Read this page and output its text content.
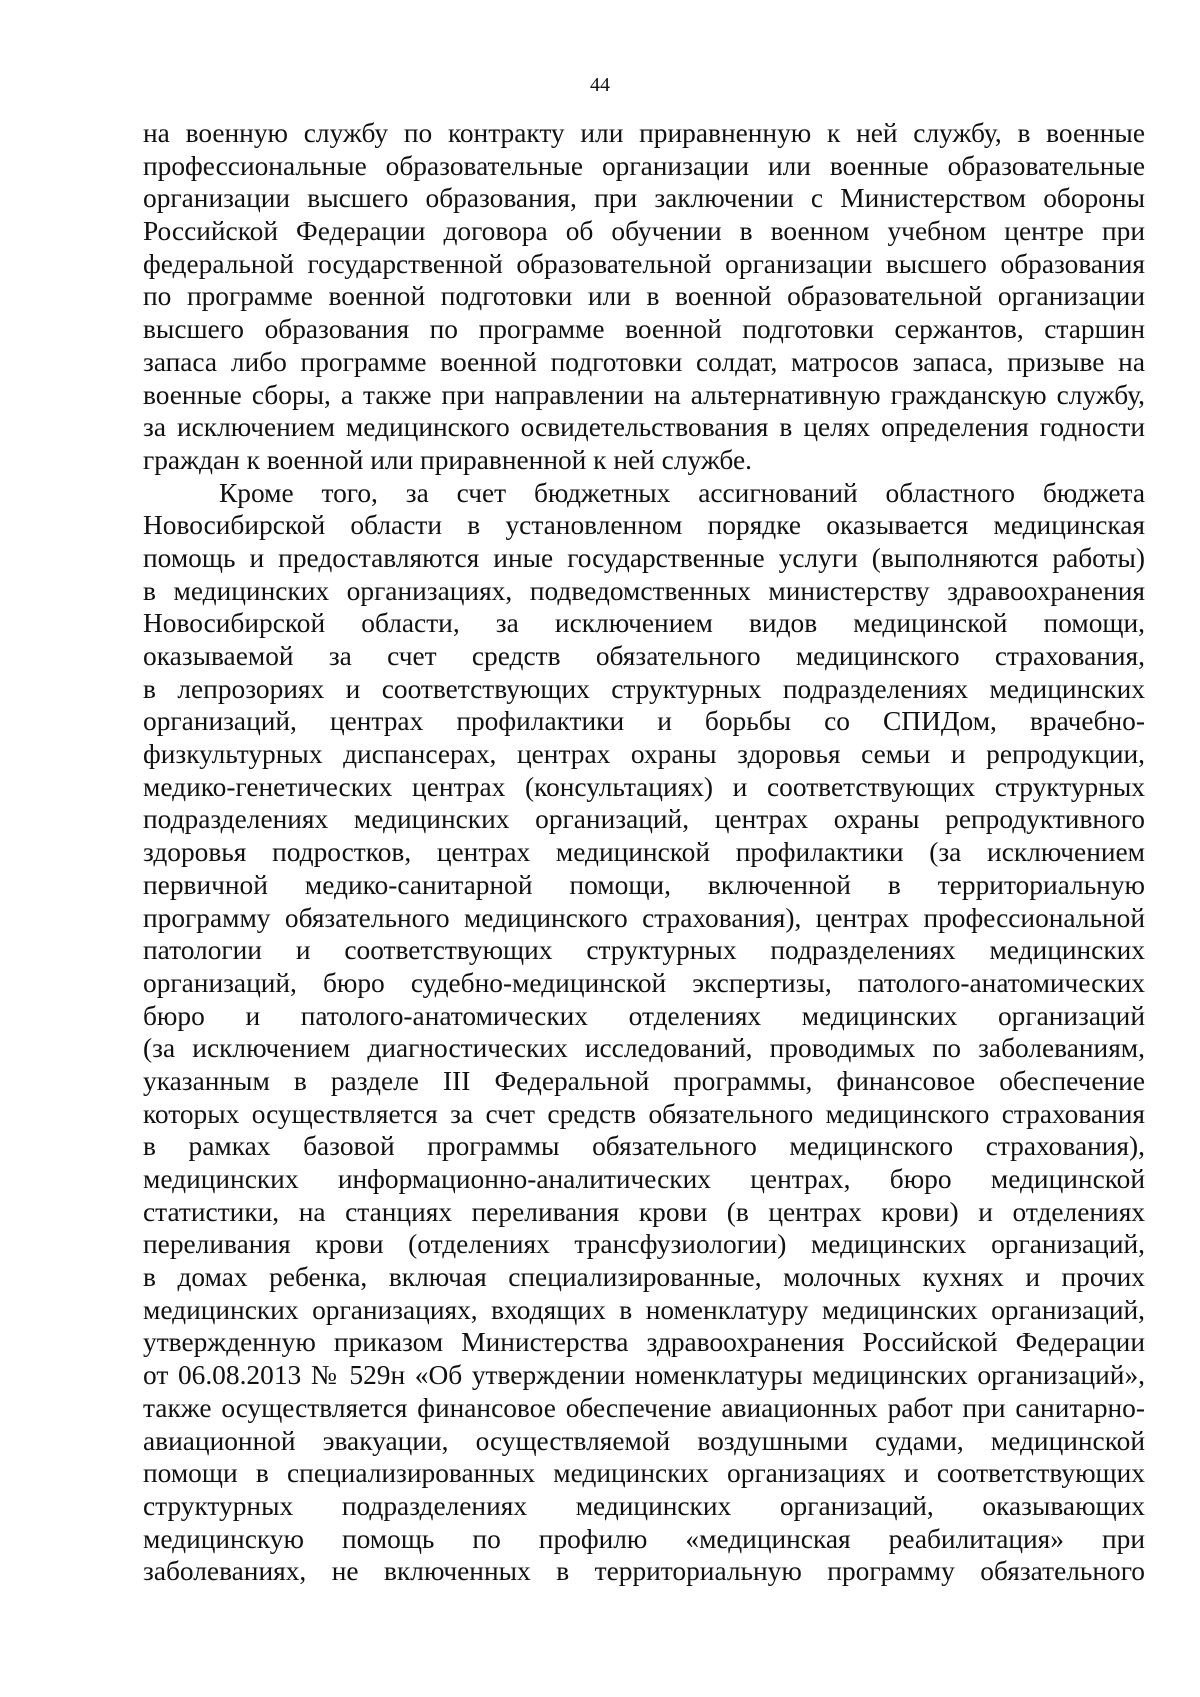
44
на военную службу по контракту или приравненную к ней службу, в военные
профессиональные образовательные организации или военные образовательные
организации высшего образования, при заключении с Министерством обороны
Российской Федерации договора об обучении в военном учебном центре при
федеральной государственной образовательной организации высшего образования
по программе военной подготовки или в военной образовательной организации
высшего образования по программе военной подготовки сержантов, старшин
запаса либо программе военной подготовки солдат, матросов запаса, призыве на
военные сборы, а также при направлении на альтернативную гражданскую службу,
за исключением медицинского освидетельствования в целях определения годности
граждан к военной или приравненной к ней службе.
Кроме того, за счет бюджетных ассигнований областного бюджета
Новосибирской области в установленном порядке оказывается медицинская
помощь и предоставляются иные государственные услуги (выполняются работы)
в медицинских организациях, подведомственных министерству здравоохранения
Новосибирской области, за исключением видов медицинской помощи,
оказываемой за счет средств обязательного медицинского страхования,
в лепрозориях и соответствующих структурных подразделениях медицинских
организаций, центрах профилактики и борьбы со СПИДом, врачебно-
физкультурных диспансерах, центрах охраны здоровья семьи и репродукции,
медико-генетических центрах (консультациях) и соответствующих структурных
подразделениях медицинских организаций, центрах охраны репродуктивного
здоровья подростков, центрах медицинской профилактики (за исключением
первичной медико-санитарной помощи, включенной в территориальную
программу обязательного медицинского страхования), центрах профессиональной
патологии и соответствующих структурных подразделениях медицинских
организаций, бюро судебно-медицинской экспертизы, патолого-анатомических
бюро и патолого-анатомических отделениях медицинских организаций
(за исключением диагностических исследований, проводимых по заболеваниям,
указанным в разделе III Федеральной программы, финансовое обеспечение
которых осуществляется за счет средств обязательного медицинского страхования
в рамках базовой программы обязательного медицинского страхования),
медицинских информационно-аналитических центрах, бюро медицинской
статистики, на станциях переливания крови (в центрах крови) и отделениях
переливания крови (отделениях трансфузиологии) медицинских организаций,
в домах ребенка, включая специализированные, молочных кухнях и прочих
медицинских организациях, входящих в номенклатуру медицинских организаций,
утвержденную приказом Министерства здравоохранения Российской Федерации
от 06.08.2013 № 529н «Об утверждении номенклатуры медицинских организаций»,
также осуществляется финансовое обеспечение авиационных работ при санитарно-
авиационной эвакуации, осуществляемой воздушными судами, медицинской
помощи в специализированных медицинских организациях и соответствующих
структурных подразделениях медицинских организаций, оказывающих
медицинскую помощь по профилю «медицинская реабилитация» при
заболеваниях, не включенных в территориальную программу обязательного
